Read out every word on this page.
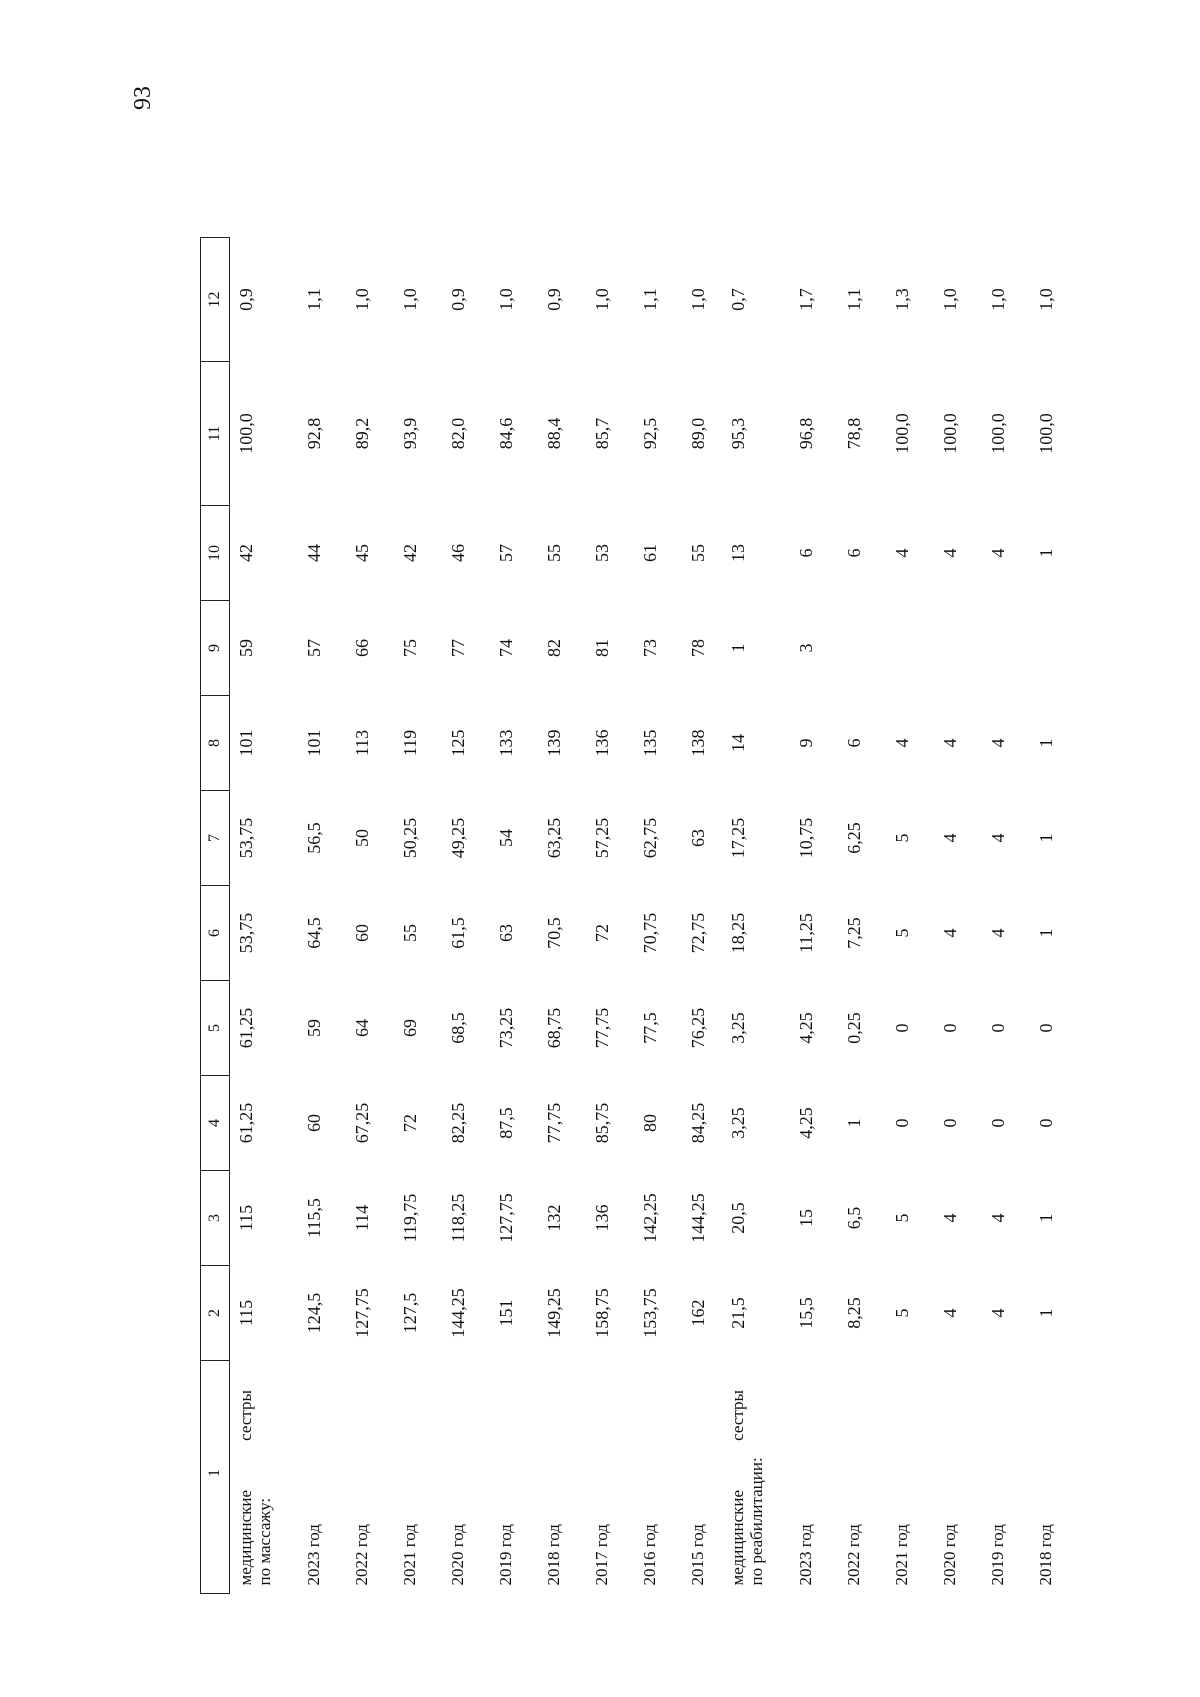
93
1		2	3	4	5	6	7	8	9	10	11	12
медицинские
по массажу:	сестры	115	115	61,25	61,25	53,75	53,75	101	59	42	100,0	0,9
2023 год		124,5	115,5	60	59	64,5	56,5	101	57	44	92,8	1,1
2022 год		127,75	114	67,25	64	60	50	113	66	45	89,2	1,0
2021 год		127,5	119,75	72	69	55	50,25	119	75	42	93,9	1,0
2020 год		144,25	118,25	82,25	68,5	61,5	49,25	125	77	46	82,0	0,9
2019 год		151	127,75	87,5	73,25	63	54	133	74	57	84,6	1,0
2018 год		149,25	132	77,75	68,75	70,5	63,25	139	82	55	88,4	0,9
2017 год		158,75	136	85,75	77,75	72	57,25	136	81	53	85,7	1,0
2016 год		153,75	142,25	80	77,5	70,75	62,75	135	73	61	92,5	1,1
2015 год		162	144,25	84,25	76,25	72,75	63	138	78	55	89,0	1,0
медицинские
по реабилитации:	сестры	21,5	20,5	3,25	3,25	18,25	17,25	14	1	13	95,3	0,7
2023 год		15,5	15	4,25	4,25	11,25	10,75	9	3	6	96,8	1,7
2022 год		8,25	6,5	1	0,25	7,25	6,25	6		6	78,8	1,1
2021 год		5	5	0	0	5	5	4		4	100,0	1,3
2020 год		4	4	0	0	4	4	4		4	100,0	1,0
2019 год		4	4	0	0	4	4	4		4	100,0	1,0
2018 год		1	1	0	0	1	1	1		1	100,0	1,0
